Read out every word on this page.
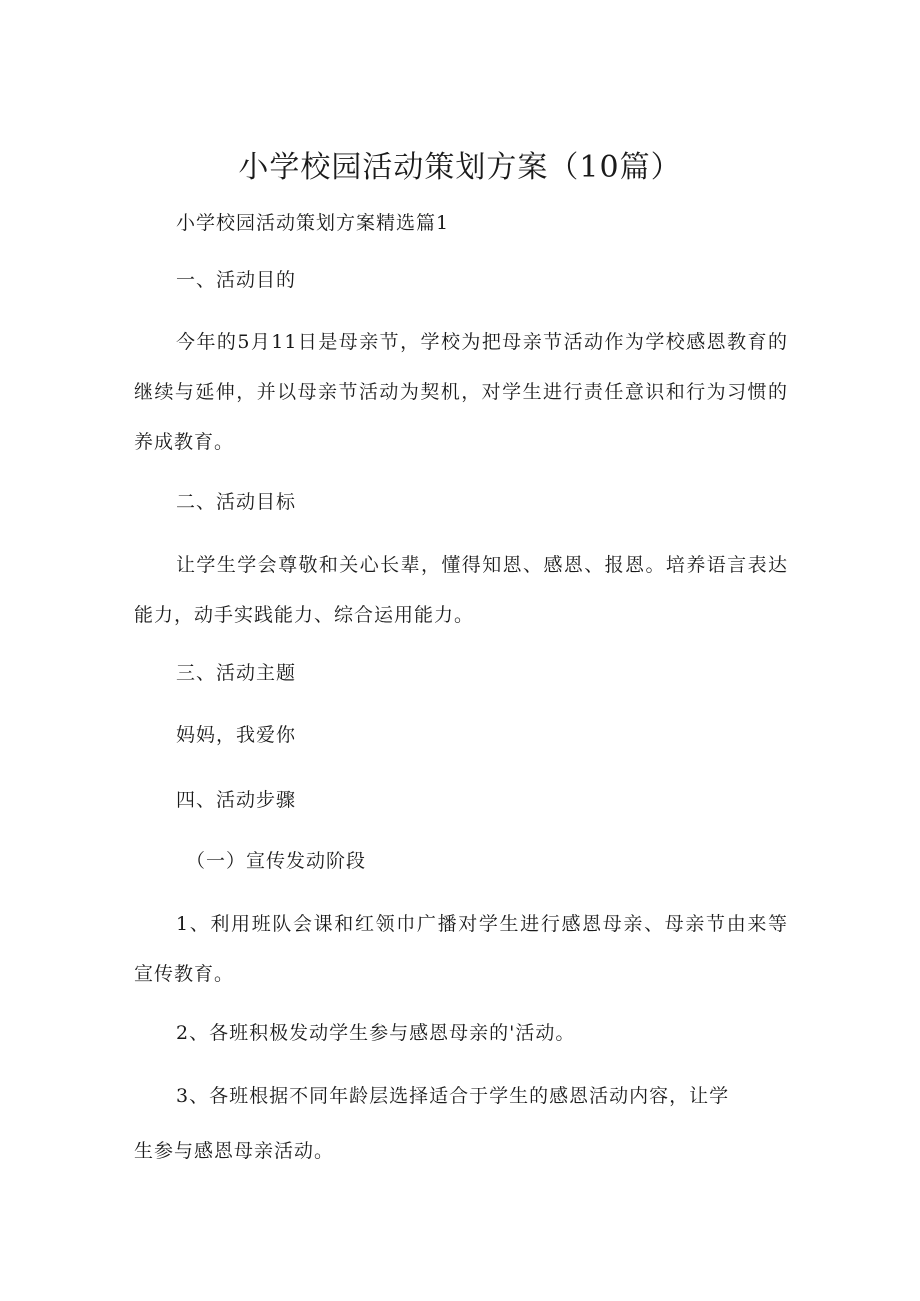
小学校园活动策划方案（10篇）

小学校园活动策划方案精选篇1

一、活动目的

今年的5月11日是母亲节，学校为把母亲节活动作为学校感恩教育的继续与延伸，并以母亲节活动为契机，对学生进行责任意识和行为习惯的养成教育。

二、活动目标

让学生学会尊敬和关心长辈，懂得知恩、感恩、报恩。培养语言表达能力，动手实践能力、综合运用能力。

三、活动主题

妈妈，我爱你

四、活动步骤

（一）宣传发动阶段

1、利用班队会课和红领巾广播对学生进行感恩母亲、母亲节由来等宣传教育。

2、各班积极发动学生参与感恩母亲的'活动。

3、各班根据不同年龄层选择适合于学生的感恩活动内容，让学

生参与感恩母亲活动。
